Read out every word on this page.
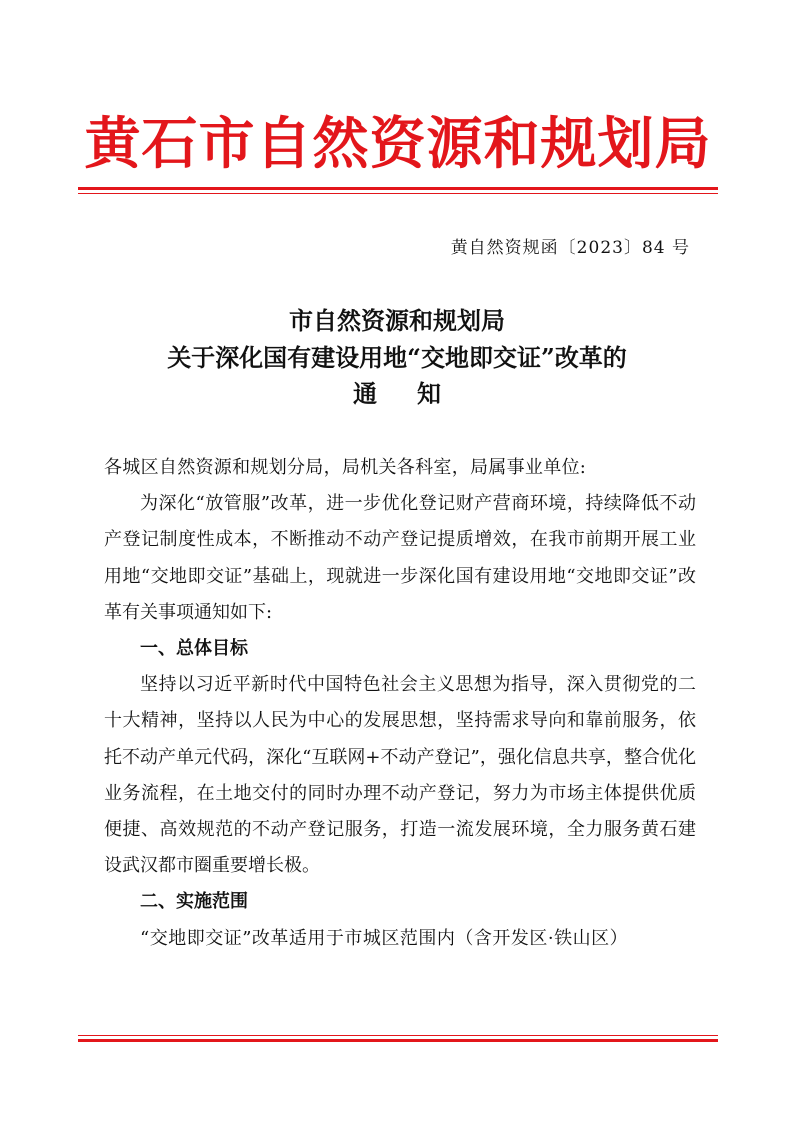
黄石市自然资源和规划局
黄自然资规函〔2023〕84 号
市自然资源和规划局
关于深化国有建设用地“交地即交证”改革的
通知

各城区自然资源和规划分局，局机关各科室，局属事业单位:

为深化“放管服”改革，进一步优化登记财产营商环境，持续降低不动产登记制度性成本，不断推动不动产登记提质增效，在我市前期开展工业用地“交地即交证”基础上，现就进一步深化国有建设用地“交地即交证”改革有关事项通知如下:

一、总体目标

坚持以习近平新时代中国特色社会主义思想为指导，深入贯彻党的二十大精神，坚持以人民为中心的发展思想，坚持需求导向和靠前服务，依托不动产单元代码，深化“互联网+不动产登记”，强化信息共享，整合优化业务流程，在土地交付的同时办理不动产登记，努力为市场主体提供优质便捷、高效规范的不动产登记服务，打造一流发展环境，全力服务黄石建设武汉都市圈重要增长极。

二、实施范围

“交地即交证”改革适用于市城区范围内（含开发区·铁山区）
